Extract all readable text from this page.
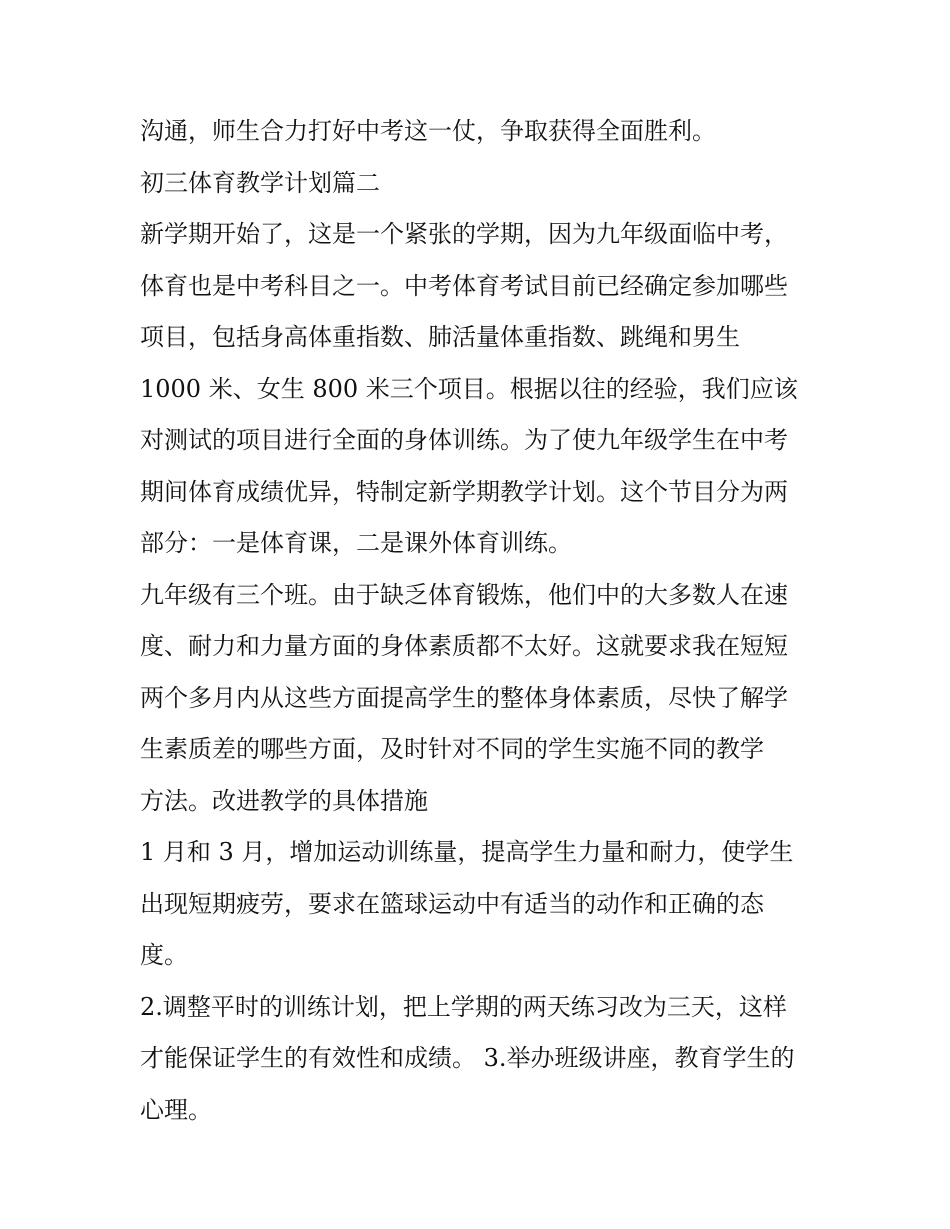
沟通，师生合力打好中考这一仗，争取获得全面胜利。
初三体育教学计划篇二
新学期开始了，这是一个紧张的学期，因为九年级面临中考，
体育也是中考科目之一。中考体育考试目前已经确定参加哪些
项目，包括身高体重指数、肺活量体重指数、跳绳和男生
1000 米、女生 800 米三个项目。根据以往的经验，我们应该
对测试的项目进行全面的身体训练。为了使九年级学生在中考
期间体育成绩优异，特制定新学期教学计划。这个节目分为两
部分：一是体育课，二是课外体育训练。
九年级有三个班。由于缺乏体育锻炼，他们中的大多数人在速
度、耐力和力量方面的身体素质都不太好。这就要求我在短短
两个多月内从这些方面提高学生的整体身体素质，尽快了解学
生素质差的哪些方面，及时针对不同的学生实施不同的教学
方法。改进教学的具体措施
1 月和 3 月，增加运动训练量，提高学生力量和耐力，使学生
出现短期疲劳，要求在篮球运动中有适当的动作和正确的态
度。
2.调整平时的训练计划，把上学期的两天练习改为三天，这样
才能保证学生的有效性和成绩。 3.举办班级讲座，教育学生的
心理。
